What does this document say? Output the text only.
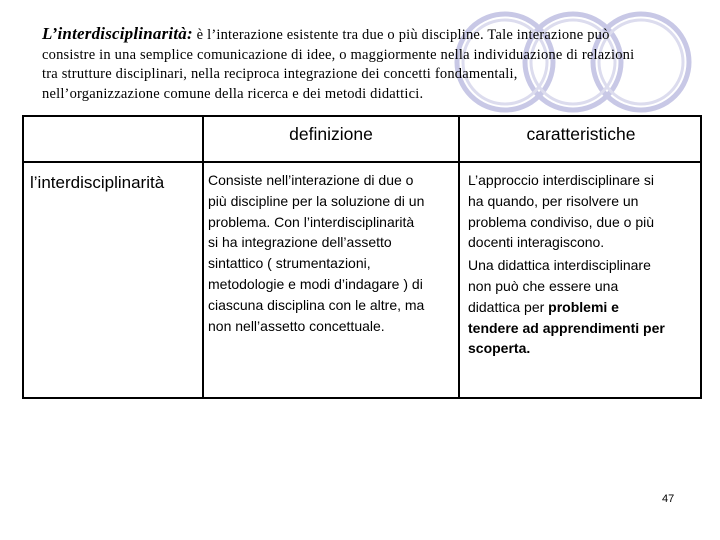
L’interdisciplinarità: è l’interazione esistente tra due o più discipline. Tale interazione può
consistre in una semplice comunicazione di idee, o maggiormente nella individuazione di relazioni
tra strutture disciplinari, nella reciproca integrazione dei concetti fondamentali,
nell’organizzazione comune della ricerca e dei metodi didattici.
definizione	caratteristiche
l’interdisciplinarità	Consiste nell’interazione di due o
più discipline per la soluzione di un
problema. Con l’interdisciplinarità
si ha integrazione dell’assetto
sintattico ( strumentazioni,
metodologie e modi d’indagare ) di
ciascuna disciplina con le altre, ma
non nell’assetto concettuale.
L’approccio interdisciplinare si
ha quando, per risolvere un
problema condiviso, due o più
docenti interagiscono.
Una didattica interdisciplinare
non può che essere una
didattica per problemi e
tendere ad apprendimenti per
scoperta.
47
